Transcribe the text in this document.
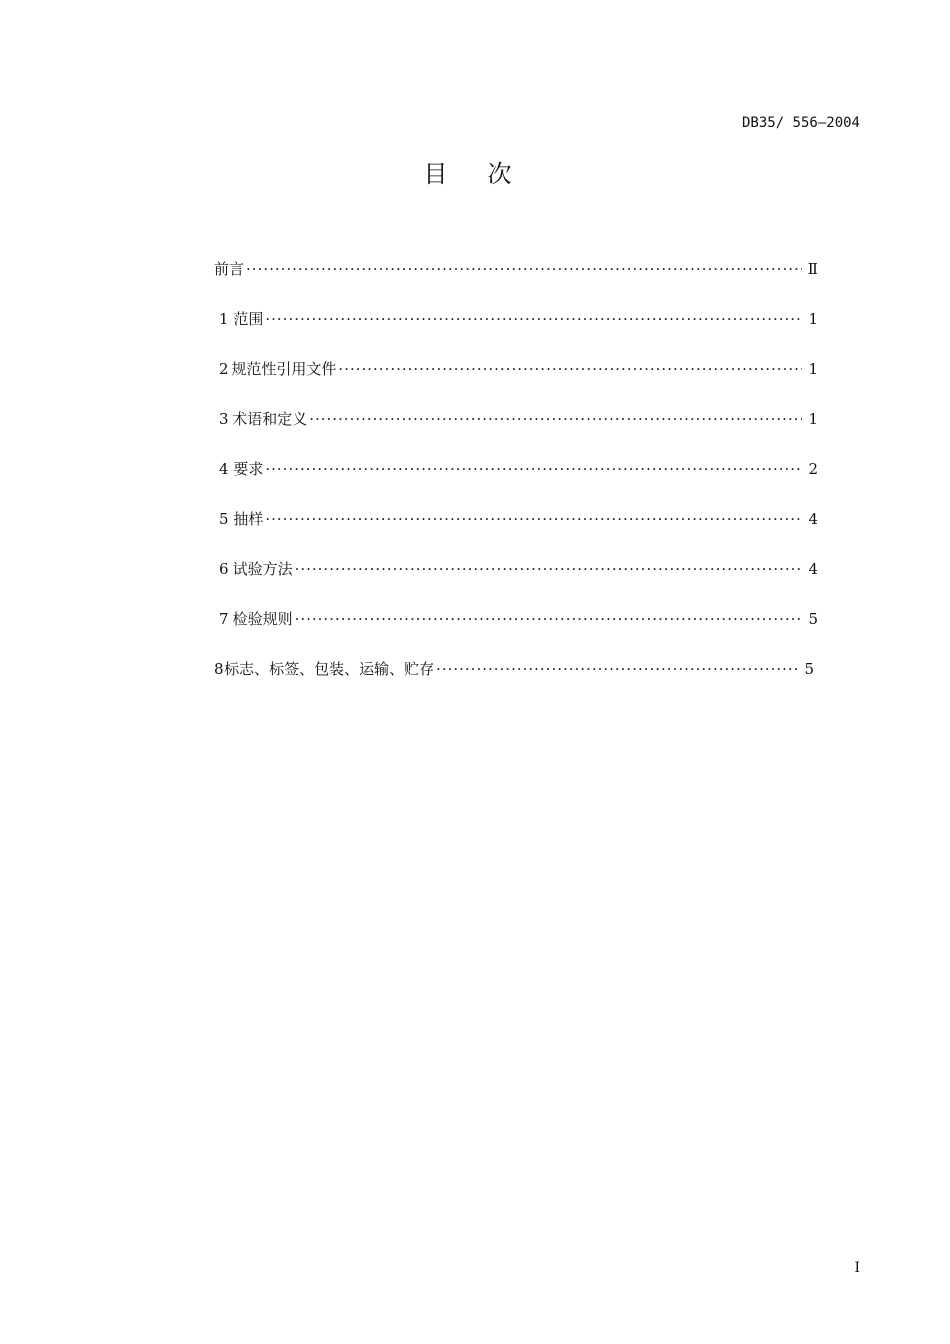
DB35/ 556—2004
目次
前言 ·····	Ⅱ
1 范围 ·····	1
2 规范性引用文件 ·····	1
3 术语和定义 ·····	1
4 要求 ·····	2
5 抽样 ·····	4
6 试验方法 ·····	4
7 检验规则 ·····	5
8 标志、标签、包装、运输、贮存 ·····	5
I
